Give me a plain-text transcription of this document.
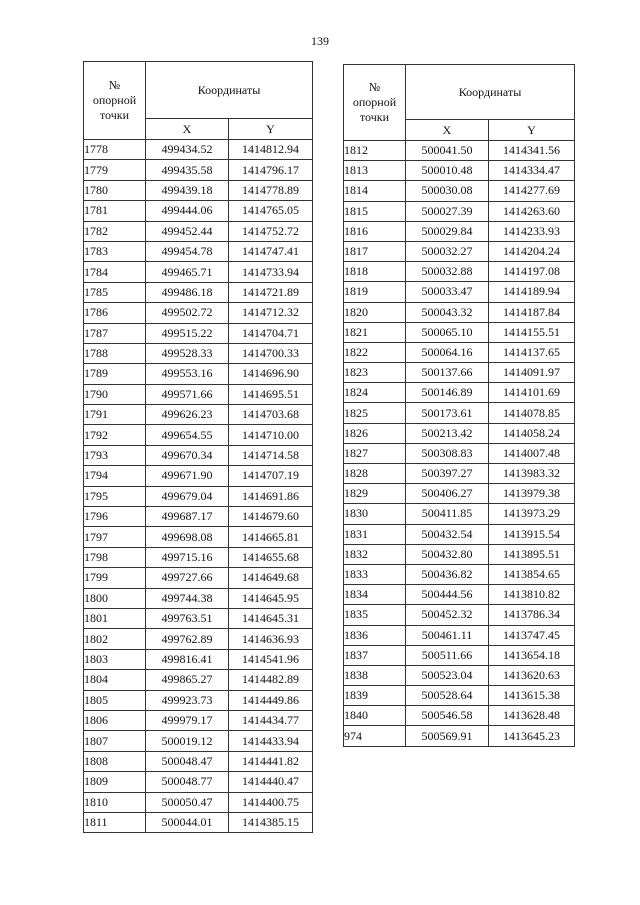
139
№
опорной
точки	Координаты	
	X	Y
1778	499434.52	1414812.94
1779	499435.58	1414796.17
1780	499439.18	1414778.89
1781	499444.06	1414765.05
1782	499452.44	1414752.72
1783	499454.78	1414747.41
1784	499465.71	1414733.94
1785	499486.18	1414721.89
1786	499502.72	1414712.32
1787	499515.22	1414704.71
1788	499528.33	1414700.33
1789	499553.16	1414696.90
1790	499571.66	1414695.51
1791	499626.23	1414703.68
1792	499654.55	1414710.00
1793	499670.34	1414714.58
1794	499671.90	1414707.19
1795	499679.04	1414691.86
1796	499687.17	1414679.60
1797	499698.08	1414665.81
1798	499715.16	1414655.68
1799	499727.66	1414649.68
1800	499744.38	1414645.95
1801	499763.51	1414645.31
1802	499762.89	1414636.93
1803	499816.41	1414541.96
1804	499865.27	1414482.89
1805	499923.73	1414449.86
1806	499979.17	1414434.77
1807	500019.12	1414433.94
1808	500048.47	1414441.82
1809	500048.77	1414440.47
1810	500050.47	1414400.75
1811	500044.01	1414385.15
№
опорной
точки	Координаты	
	X	Y
1812	500041.50	1414341.56
1813	500010.48	1414334.47
1814	500030.08	1414277.69
1815	500027.39	1414263.60
1816	500029.84	1414233.93
1817	500032.27	1414204.24
1818	500032.88	1414197.08
1819	500033.47	1414189.94
1820	500043.32	1414187.84
1821	500065.10	1414155.51
1822	500064.16	1414137.65
1823	500137.66	1414091.97
1824	500146.89	1414101.69
1825	500173.61	1414078.85
1826	500213.42	1414058.24
1827	500308.83	1414007.48
1828	500397.27	1413983.32
1829	500406.27	1413979.38
1830	500411.85	1413973.29
1831	500432.54	1413915.54
1832	500432.80	1413895.51
1833	500436.82	1413854.65
1834	500444.56	1413810.82
1835	500452.32	1413786.34
1836	500461.11	1413747.45
1837	500511.66	1413654.18
1838	500523.04	1413620.63
1839	500528.64	1413615.38
1840	500546.58	1413628.48
974	500569.91	1413645.23
